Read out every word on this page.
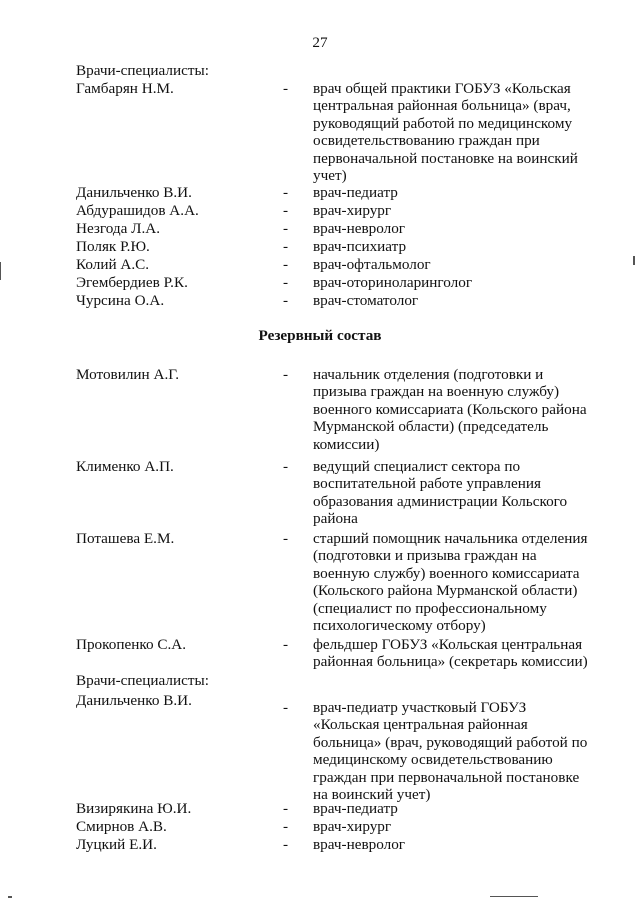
27
Врачи-специалисты:
Гамбарян Н.М.	- врач общей практики ГОБУЗ «Кольская
центральная районная больница» (врач,
руководящий работой по медицинскому
освидетельствованию граждан при
первоначальной постановке на воинский
учет)
Данильченко В.И.	- врач-педиатр
Абдурашидов А.А.	- врач-хирург
Незгода Л.А.	- врач-невролог
Поляк Р.Ю.	- врач-психиатр
Колий А.С.	- врач-офтальмолог
Эгембердиев Р.К.	- врач-оториноларинголог
Чурсина О.А.	- врач-стоматолог
Резервный состав
Мотовилин А.Г.	- начальник отделения (подготовки и
призыва граждан на военную службу)
военного комиссариата (Кольского района
Мурманской области) (председатель
комиссии)
Клименко А.П.	- ведущий специалист сектора по
воспитательной работе управления
образования администрации Кольского
района
Поташева Е.М.	- старший помощник начальника отделения
(подготовки и призыва граждан на
военную службу) военного комиссариата
(Кольского района Мурманской области)
(специалист по профессиональному
психологическому отбору)
Прокопенко С.А.	- фельдшер ГОБУЗ «Кольская центральная
районная больница» (секретарь комиссии)
Врачи-специалисты:
Данильченко В.И.	- врач-педиатр участковый ГОБУЗ
«Кольская центральная районная
больница» (врач, руководящий работой по
медицинскому освидетельствованию
граждан при первоначальной постановке
на воинский учет)
Визирякина Ю.И.	- врач-педиатр
Смирнов А.В.	- врач-хирург
Луцкий Е.И.	- врач-невролог
